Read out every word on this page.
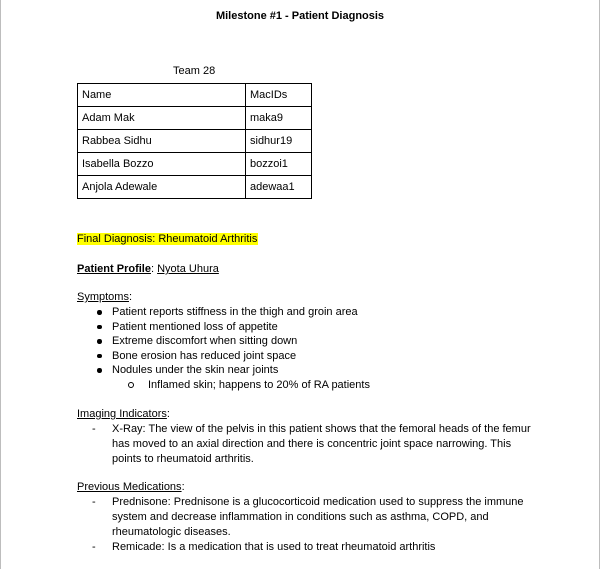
Milestone #1 - Patient Diagnosis
Team 28
Name	MacIDs
Adam Mak	maka9
Rabbea Sidhu	sidhur19
Isabella Bozzo	bozzoi1
Anjola Adewale	adewaa1
Final Diagnosis: Rheumatoid Arthritis
Patient Profile: Nyota Uhura
Symptoms:
Patient reports stiffness in the thigh and groin area
Patient mentioned loss of appetite
Extreme discomfort when sitting down
Bone erosion has reduced joint space
Nodules under the skin near joints
Inflamed skin; happens to 20% of RA patients
Imaging Indicators:
- X-Ray: The view of the pelvis in this patient shows that the femoral heads of the femur has moved to an axial direction and there is concentric joint space narrowing. This points to rheumatoid arthritis.
Previous Medications:
- Prednisone: Prednisone is a glucocorticoid medication used to suppress the immune system and decrease inflammation in conditions such as asthma, COPD, and rheumatologic diseases.
- Remicade: Is a medication that is used to treat rheumatoid arthritis
